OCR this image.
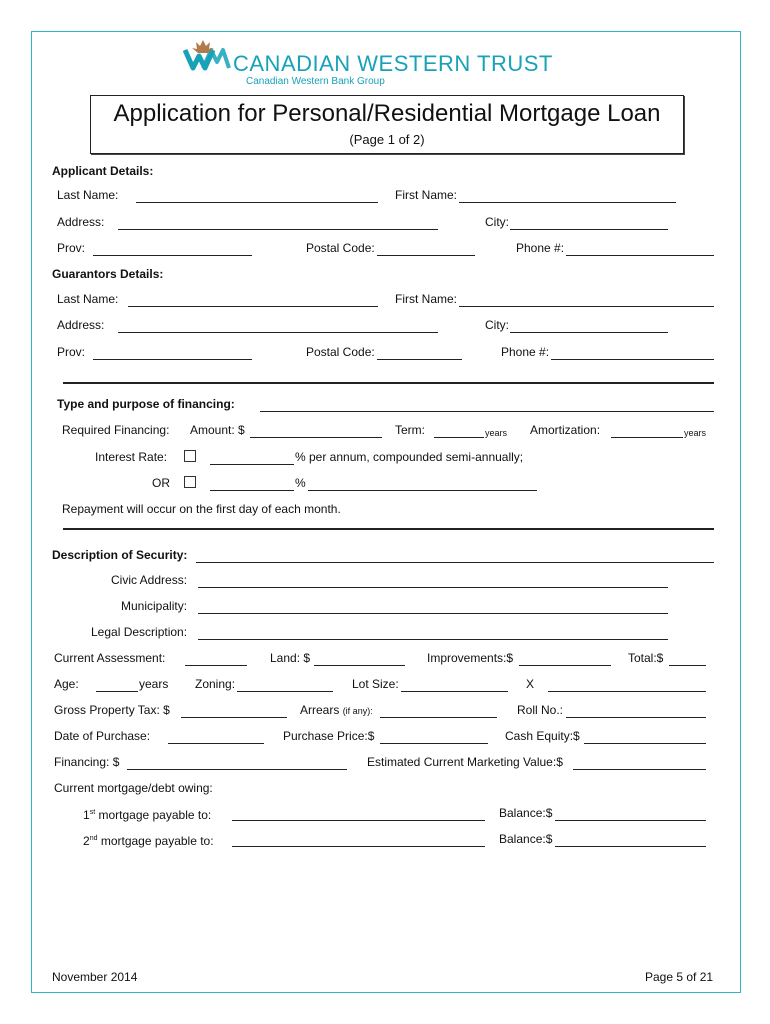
CANADIAN WESTERN TRUST
Canadian Western Bank Group
Application for Personal/Residential Mortgage Loan
(Page 1 of 2)
Applicant Details:
Last Name:	First Name:
Address:	City:
Prov:	Postal Code:	Phone #:
Guarantors Details:
Last Name:	First Name:
Address:	City:
Prov:	Postal Code:	Phone #:
Type and purpose of financing:
Required Financing: Amount: $	Term:	years Amortization:	years
Interest Rate:	% per annum, compounded semi-annually;
OR	%
Repayment will occur on the first day of each month.
Description of Security:
Civic Address:
Municipality:
Legal Description:
Current Assessment:	Land: $	Improvements:$	Total:$
Age:	years Zoning:	Lot Size:	X
Gross Property Tax: $	Arrears (if any):	Roll No.:
Date of Purchase:	Purchase Price:$	Cash Equity:$
Financing: $	Estimated Current Marketing Value:$
Current mortgage/debt owing:
1st mortgage payable to:	Balance:$
2nd mortgage payable to:	Balance:$
November 2014	Page 5 of 21
